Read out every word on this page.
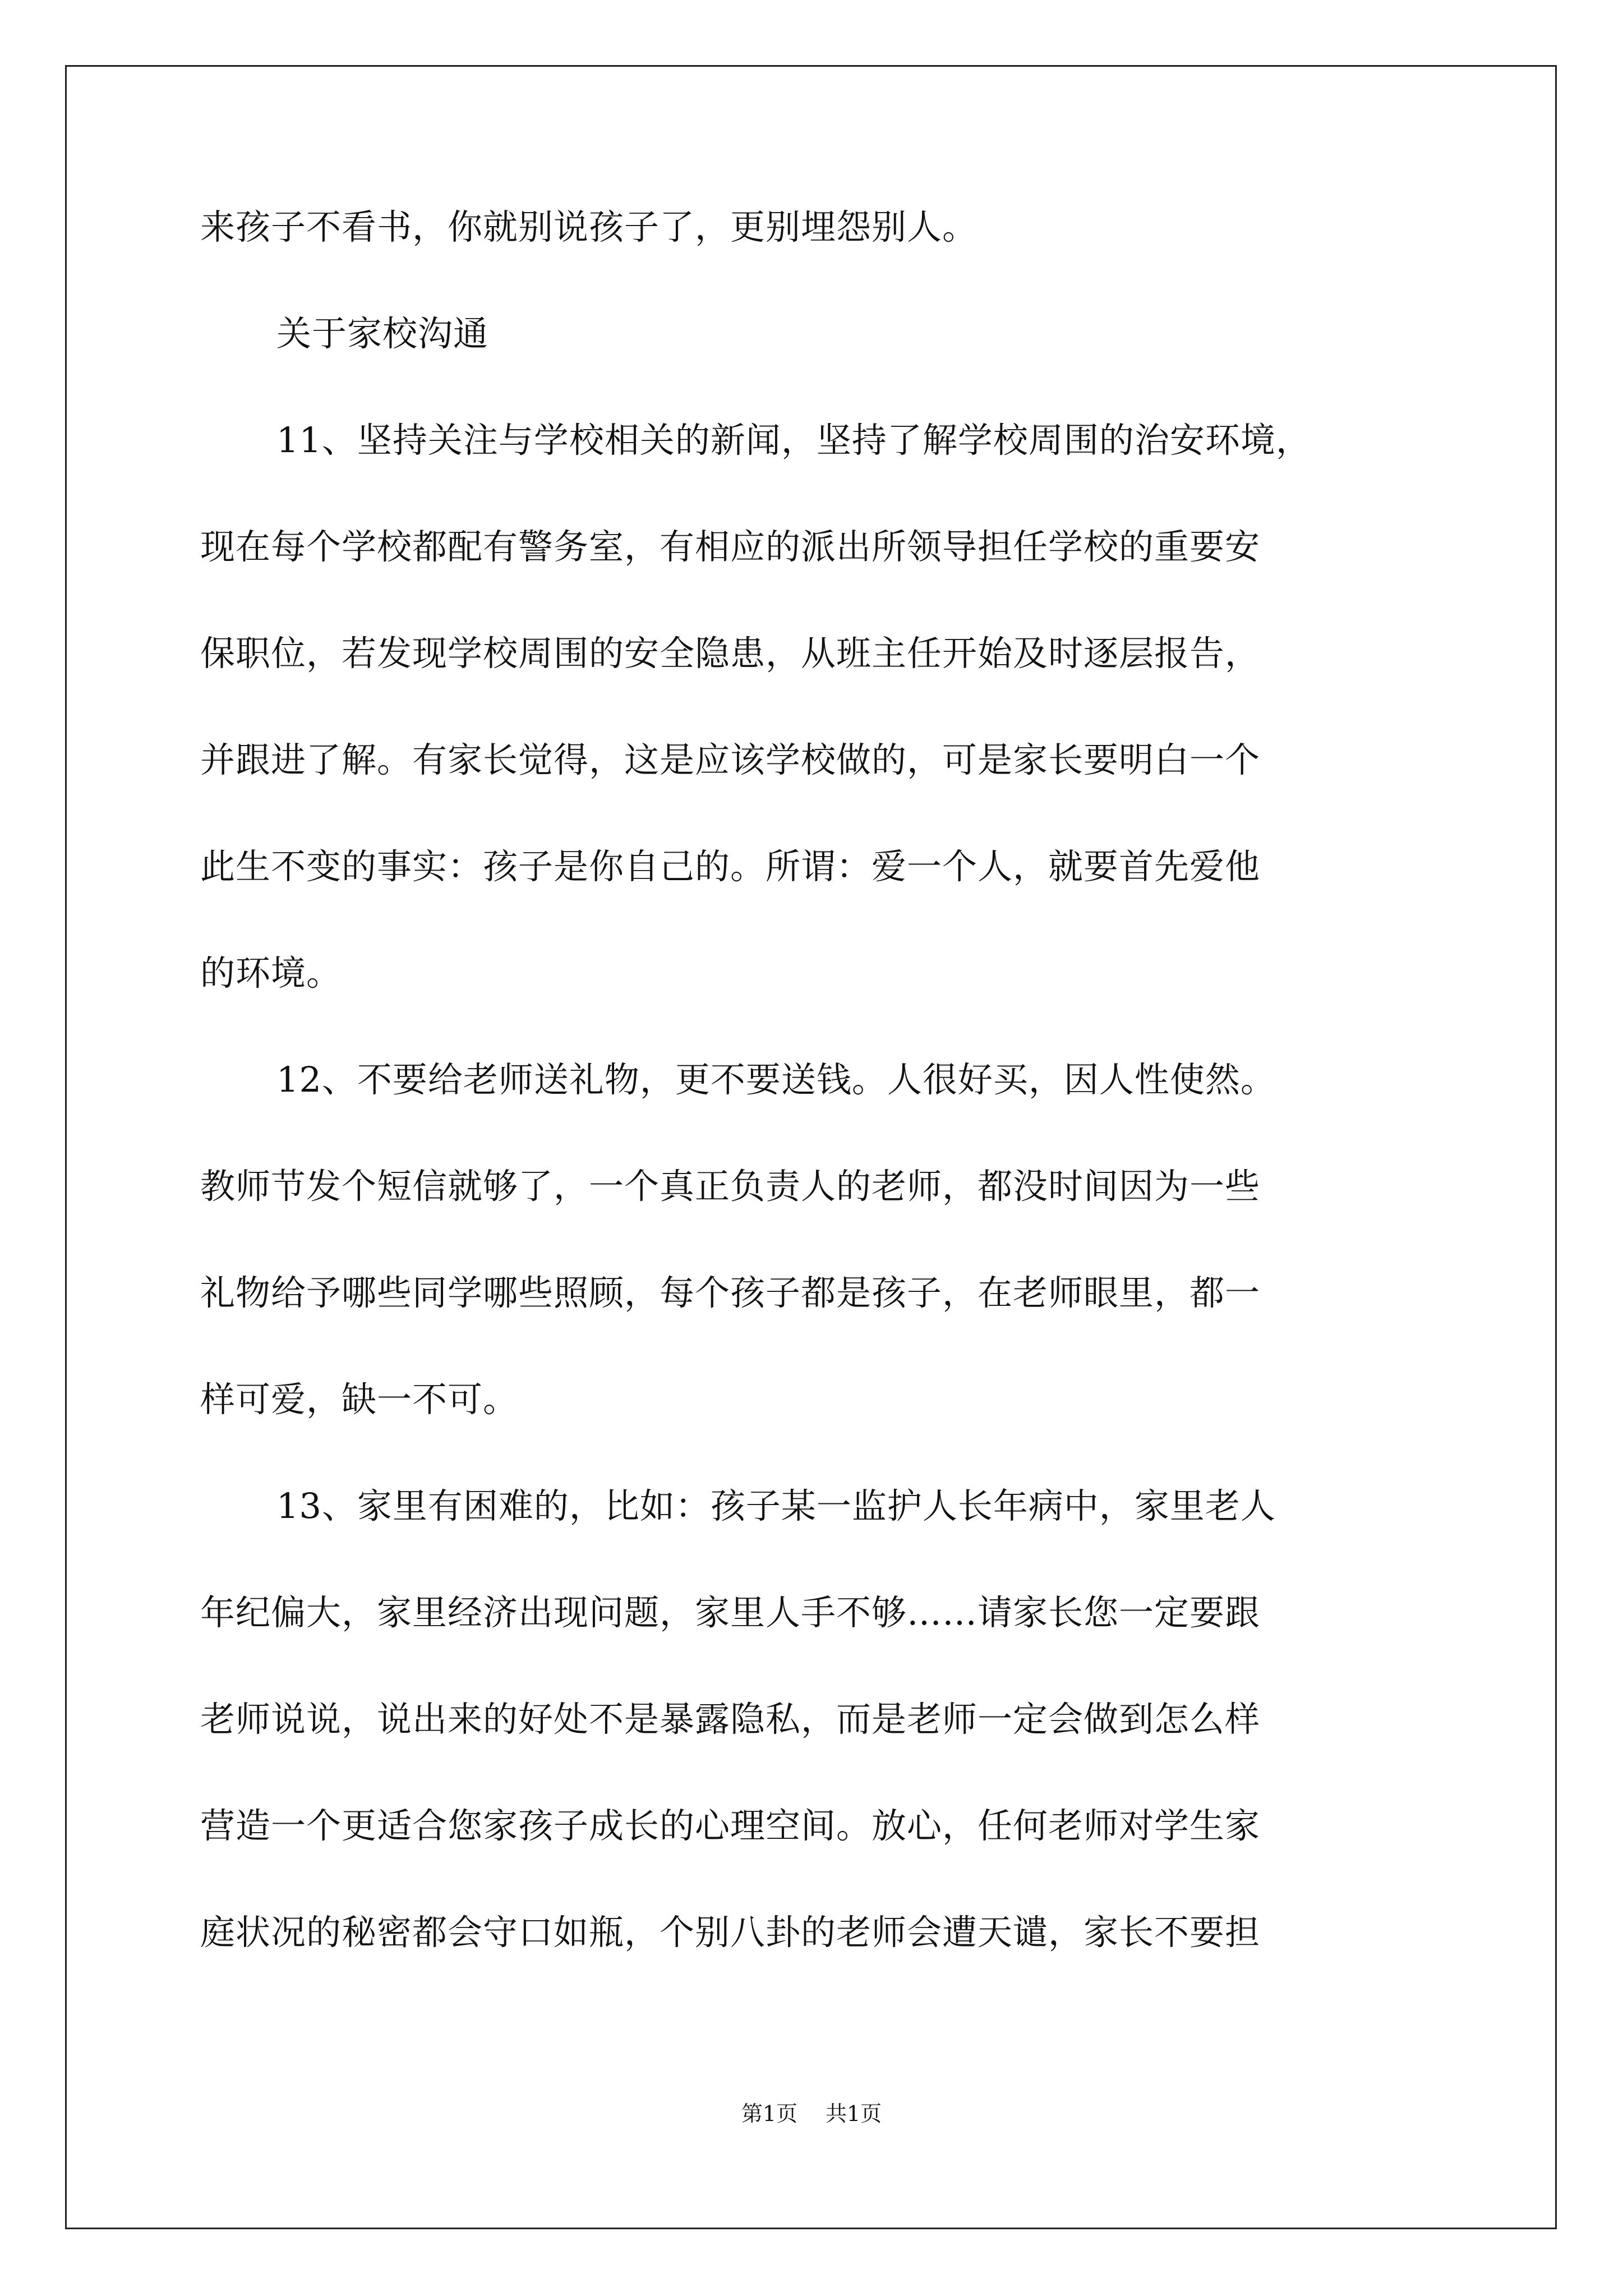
来孩子不看书，你就别说孩子了，更别埋怨别人。
关于家校沟通
11、坚持关注与学校相关的新闻，坚持了解学校周围的治安环境，
现在每个学校都配有警务室，有相应的派出所领导担任学校的重要安
保职位，若发现学校周围的安全隐患，从班主任开始及时逐层报告，
并跟进了解。有家长觉得，这是应该学校做的，可是家长要明白一个
此生不变的事实：孩子是你自己的。所谓：爱一个人，就要首先爱他
的环境。
12、不要给老师送礼物，更不要送钱。人很好买，因人性使然。
教师节发个短信就够了，一个真正负责人的老师，都没时间因为一些
礼物给予哪些同学哪些照顾，每个孩子都是孩子，在老师眼里，都一
样可爱，缺一不可。
13、家里有困难的，比如：孩子某一监护人长年病中，家里老人
年纪偏大，家里经济出现问题，家里人手不够……请家长您一定要跟
老师说说，说出来的好处不是暴露隐私，而是老师一定会做到怎么样
营造一个更适合您家孩子成长的心理空间。放心，任何老师对学生家
庭状况的秘密都会守口如瓶，个别八卦的老师会遭天谴，家长不要担
第1页 共1页
